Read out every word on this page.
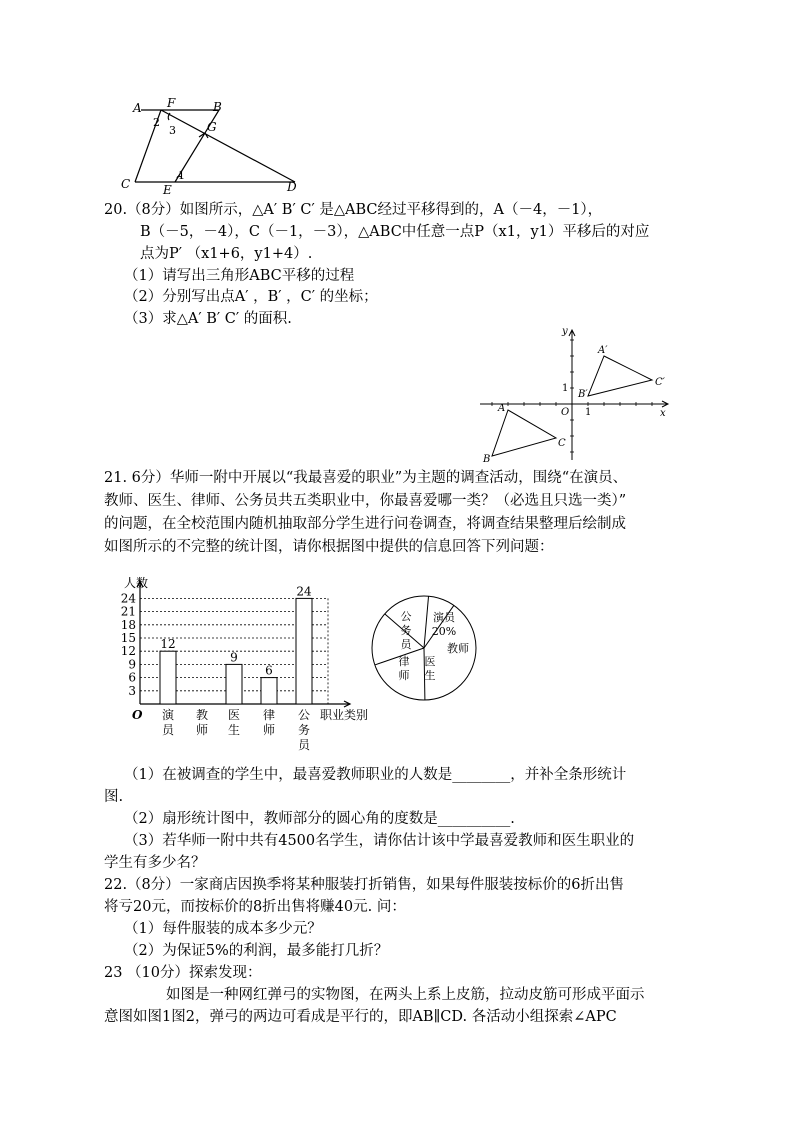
A F	B
G
C	E	D
1
2
3
20.（8分）如图所示，△A′ B′ C′ 是△ABC经过平移得到的，A（－4，－1），
B（－5，－4），C（－1，－3），△ABC中任意一点P（x1，y1）平移后的对应
点为P′ （x1+6，y1+4）.
（1）请写出三角形ABC平移的过程
（2）分别写出点A′ ，B′ ，C′ 的坐标；
（3）求△A′ B′ C′ 的面积.
y
x
O
A
B
C
A′
B′
C′
1
1
21. 6分）华师一附中开展以“我最喜爱的职业”为主题的调查活动，围绕“在演员、
教师、医生、律师、公务员共五类职业中，你最喜爱哪一类？（必选且只选一类）”
的问题，在全校范围内随机抽取部分学生进行问卷调查，将调查结果整理后绘制成
如图所示的不完整的统计图，请你根据图中提供的信息回答下列问题：
人数
职业类别
O
3
6
9
12
15
18
21
24
12
演
员
教
师
9
医
生
6
律
师
24
公
务
员
公
务
员
演员
20%
教师
医
生
律
师
（1）在被调查的学生中，最喜爱教师职业的人数是________，并补全条形统计
图.
（2）扇形统计图中，教师部分的圆心角的度数是__________.
（3）若华师一附中共有4500名学生，请你估计该中学最喜爱教师和医生职业的
学生有多少名？
22.（8分）一家商店因换季将某种服装打折销售，如果每件服装按标价的6折出售
将亏20元，而按标价的8折出售将赚40元. 问：
（1）每件服装的成本多少元？
（2）为保证5%的利润，最多能打几折？
23 （10分）探索发现：
如图是一种网红弹弓的实物图，在两头上系上皮筋，拉动皮筋可形成平面示
意图如图1图2，弹弓的两边可看成是平行的，即AB∥CD. 各活动小组探索∠APC
